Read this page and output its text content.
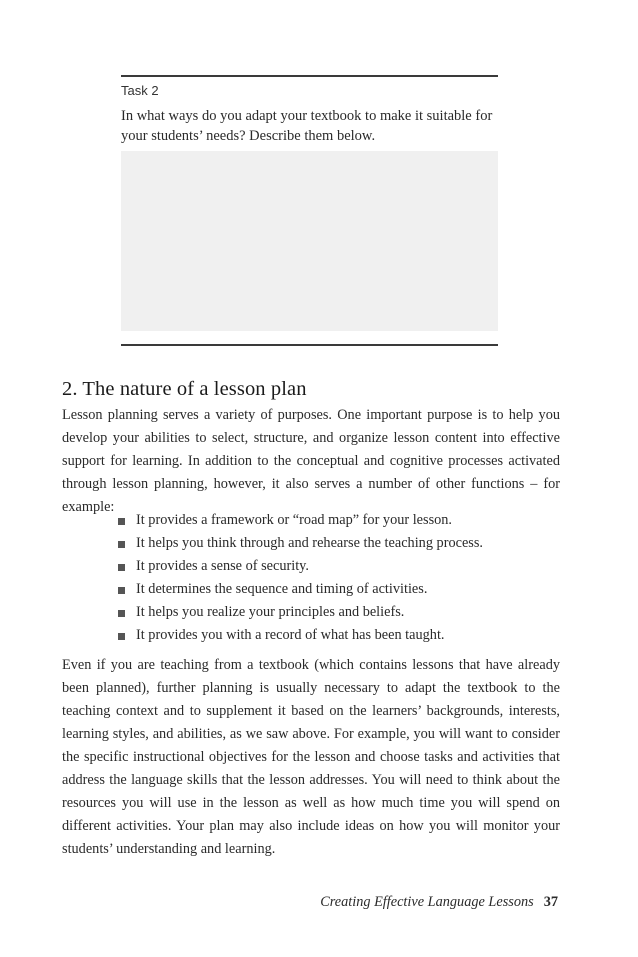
Task 2

In what ways do you adapt your textbook to make it suitable for your students’ needs? Describe them below.

2. The nature of a lesson plan

Lesson planning serves a variety of purposes. One important purpose is to help you develop your abilities to select, structure, and organize lesson content into effective support for learning. In addition to the conceptual and cognitive processes activated through lesson planning, however, it also serves a number of other functions – for example:

It provides a framework or “road map” for your lesson.
It helps you think through and rehearse the teaching process.
It provides a sense of security.
It determines the sequence and timing of activities.
It helps you realize your principles and beliefs.
It provides you with a record of what has been taught.

Even if you are teaching from a textbook (which contains lessons that have already been planned), further planning is usually necessary to adapt the textbook to the teaching context and to supplement it based on the learners’ backgrounds, interests, learning styles, and abilities, as we saw above. For example, you will want to consider the specific instructional objectives for the lesson and choose tasks and activities that address the language skills that the lesson addresses. You will need to think about the resources you will use in the lesson as well as how much time you will spend on different activities. Your plan may also include ideas on how you will monitor your students’ understanding and learning.

Creating Effective Language Lessons 37
